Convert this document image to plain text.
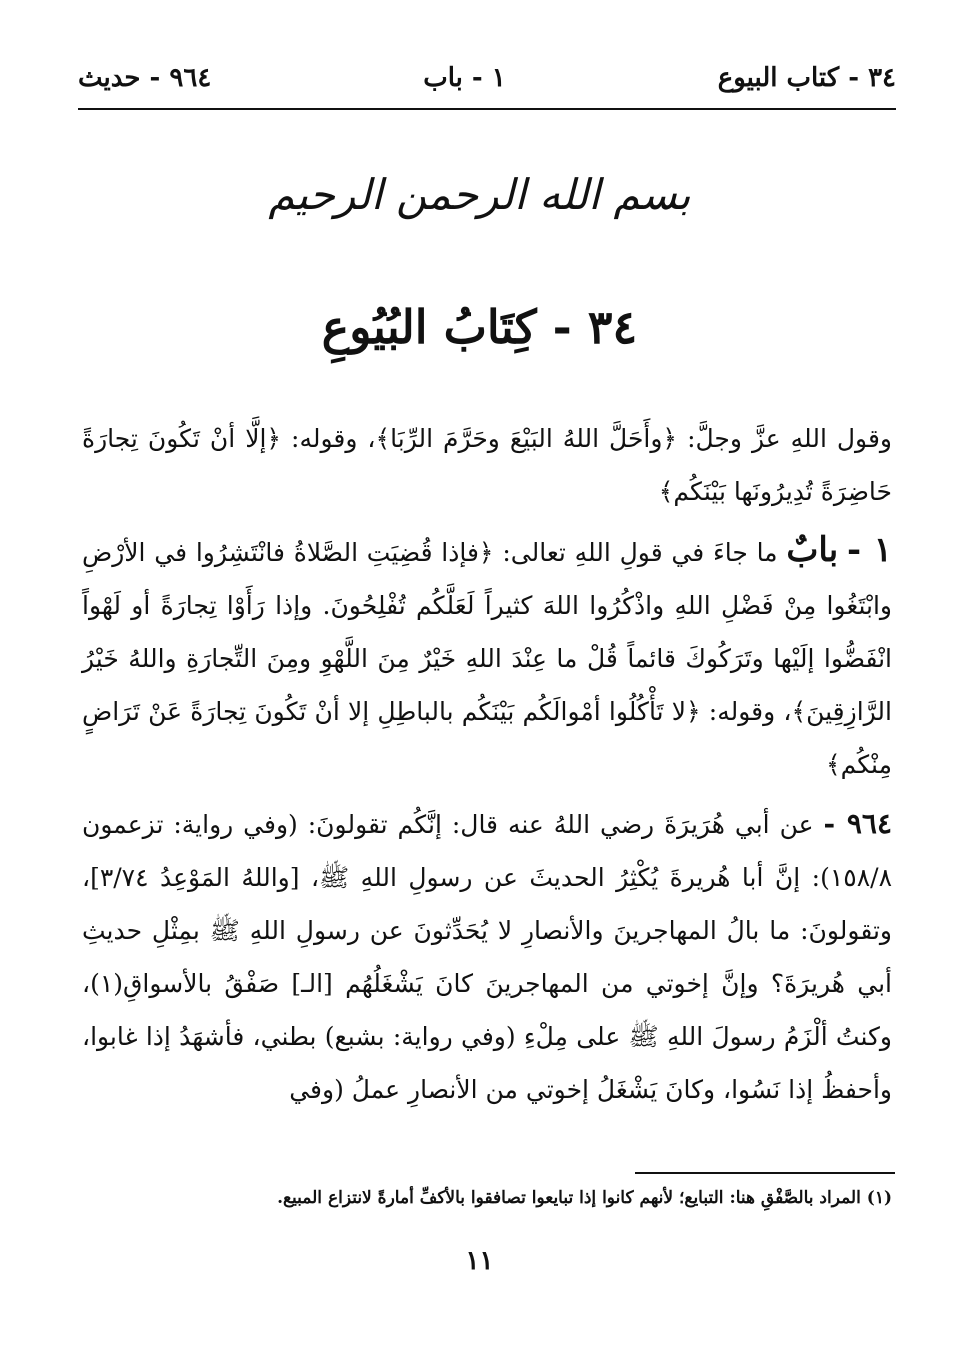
٣٤ - كتاب البيوع
١ - باب
٩٦٤ - حديث
بسم الله الرحمن الرحيم
٣٤ - كِتَابُ البُيُوعِ

وقول اللهِ عزَّ وجلَّ: ﴿وأَحَلَّ اللهُ البَيْعَ وحَرَّمَ الرِّبَا﴾، وقوله: ﴿إلَّا أنْ تَكُونَ تِجارَةً حَاضِرَةً تُدِيرُونَها بَيْنَكُم﴾

١ - بابٌ ما جاءَ في قولِ اللهِ تعالى: ﴿فإذا قُضِيَتِ الصَّلاةُ فانْتَشِرُوا في الأرْضِ وابْتَغُوا مِنْ فَضْلِ اللهِ واذْكُرُوا اللهَ كثيراً لَعَلَّكُم تُفْلِحُونَ. وإذا رَأَوْا تِجارَةً أو لَهْواً انْفَضُّوا إلَيْها وتَرَكُوكَ قائماً قُلْ ما عِنْدَ اللهِ خَيْرٌ مِنَ اللَّهْوِ ومِنَ التِّجارَةِ واللهُ خَيْرُ الرَّازِقِينَ﴾، وقوله: ﴿لا تَأْكُلُوا أمْوالَكُم بَيْنَكُم بالباطِلِ إلا أنْ تَكُونَ تِجارَةً عَنْ تَرَاضٍ مِنْكُم﴾

٩٦٤ - عن أبي هُرَيرَةَ رضي اللهُ عنه قال: إنَّكُم تقولونَ: (وفي رواية: تزعمون ١٥٨/٨): إنَّ أبا هُريرةَ يُكْثِرُ الحديثَ عن رسولِ اللهِ ﷺ، [واللهُ المَوْعِدُ ٣/٧٤]، وتقولونَ: ما بالُ المهاجرينَ والأنصارِ لا يُحَدِّثونَ عن رسولِ اللهِ ﷺ بمِثْلِ حديثِ أبي هُريرَةَ؟ وإنَّ إخوتي من المهاجرينَ كانَ يَشْغَلُهُم [الـ] صَفْقُ بالأسواقِ(١)، وكنتُ ألْزَمُ رسولَ اللهِ ﷺ على مِلْءِ (وفي رواية: بشبع) بطني، فأشهَدُ إذا غابوا، وأحفظُ إذا نَسُوا، وكانَ يَشْغَلُ إخوتي من الأنصارِ عملُ (وفي

(١) المراد بالصَّفْقِ هنا: التبايع؛ لأنهم كانوا إذا تبايعوا تصافقوا بالأكفِّ أمارةً لانتزاع المبيع.
١١
